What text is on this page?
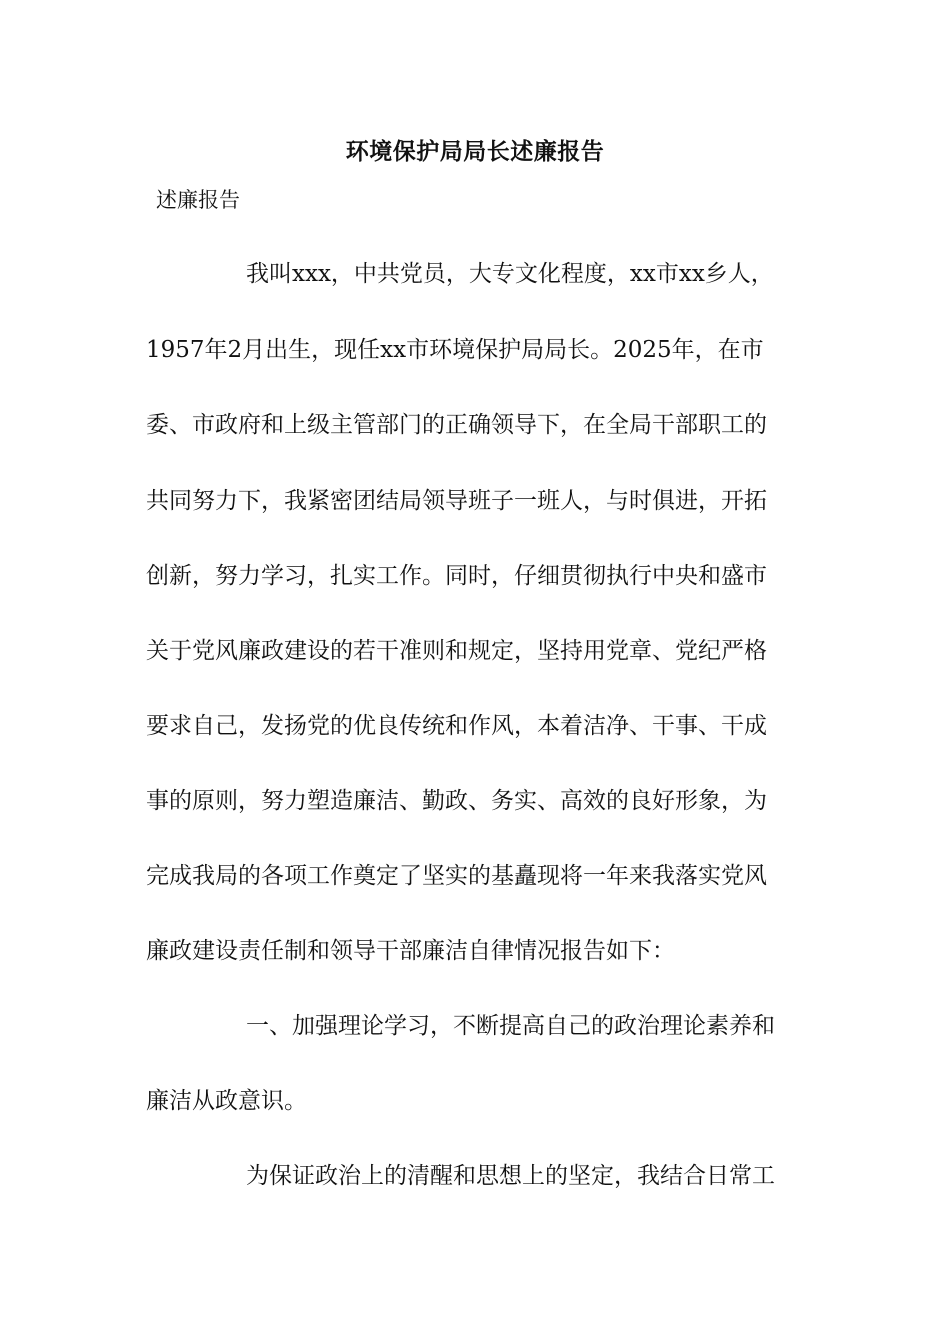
环境保护局局长述廉报告
述廉报告
我叫xxx，中共党员，大专文化程度，xx市xx乡人，
1957年2月出生，现任xx市环境保护局局长。2025年，在市
委、市政府和上级主管部门的正确领导下，在全局干部职工的
共同努力下，我紧密团结局领导班子一班人，与时俱进，开拓
创新，努力学习，扎实工作。同时，仔细贯彻执行中央和盛市
关于党风廉政建设的若干准则和规定，坚持用党章、党纪严格
要求自己，发扬党的优良传统和作风，本着洁净、干事、干成
事的原则，努力塑造廉洁、勤政、务实、高效的良好形象，为
完成我局的各项工作奠定了坚实的基矗现将一年来我落实党风
廉政建设责任制和领导干部廉洁自律情况报告如下：
一、加强理论学习，不断提高自己的政治理论素养和
廉洁从政意识。
为保证政治上的清醒和思想上的坚定，我结合日常工
